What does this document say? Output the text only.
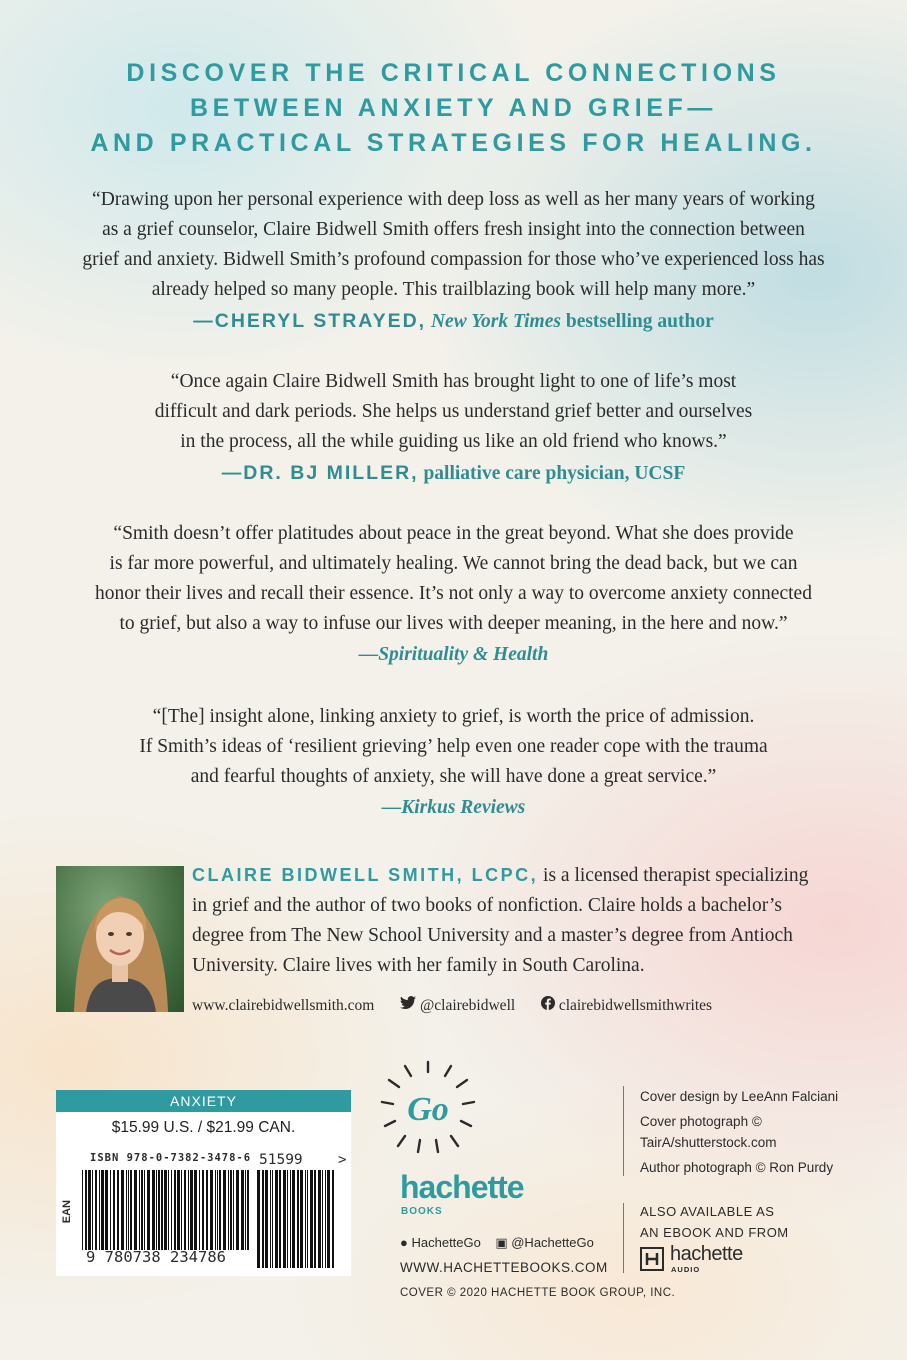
DISCOVER THE CRITICAL CONNECTIONS
BETWEEN ANXIETY AND GRIEF—
AND PRACTICAL STRATEGIES FOR HEALING.
“Drawing upon her personal experience with deep loss as well as her many years of working
as a grief counselor, Claire Bidwell Smith offers fresh insight into the connection between
grief and anxiety. Bidwell Smith’s profound compassion for those who’ve experienced loss has
already helped so many people. This trailblazing book will help many more.”
—CHERYL STRAYED, New York Times bestselling author
“Once again Claire Bidwell Smith has brought light to one of life’s most
difficult and dark periods. She helps us understand grief better and ourselves
in the process, all the while guiding us like an old friend who knows.”
—DR. BJ MILLER, palliative care physician, UCSF
“Smith doesn’t offer platitudes about peace in the great beyond. What she does provide
is far more powerful, and ultimately healing. We cannot bring the dead back, but we can
honor their lives and recall their essence. It’s not only a way to overcome anxiety connected
to grief, but also a way to infuse our lives with deeper meaning, in the here and now.”
—Spirituality & Health
“[The] insight alone, linking anxiety to grief, is worth the price of admission.
If Smith’s ideas of ‘resilient grieving’ help even one reader cope with the trauma
and fearful thoughts of anxiety, she will have done a great service.”
—Kirkus Reviews
CLAIRE BIDWELL SMITH, LCPC, is a licensed therapist specializing
in grief and the author of two books of nonfiction. Claire holds a bachelor’s
degree from The New School University and a master’s degree from Antioch
University. Claire lives with her family in South Carolina.
www.clairebidwellsmith.com	@clairebidwell	clairebidwellsmithwrites
ANXIETY
$15.99 U.S. / $21.99 CAN.
ISBN 978-0-7382-3478-6
EAN
9 780738 234786
51599	>
Go
hachette
BOOKS
● HachetteGo ▣ @HachetteGo
WWW.HACHETTEBOOKS.COM
COVER © 2020 HACHETTE BOOK GROUP, INC.
Cover design by LeeAnn Falciani
Cover photograph ©
TairA/shutterstock.com
Author photograph © Ron Purdy
ALSO AVAILABLE AS
AN EBOOK AND FROM
hachette
AUDIO
